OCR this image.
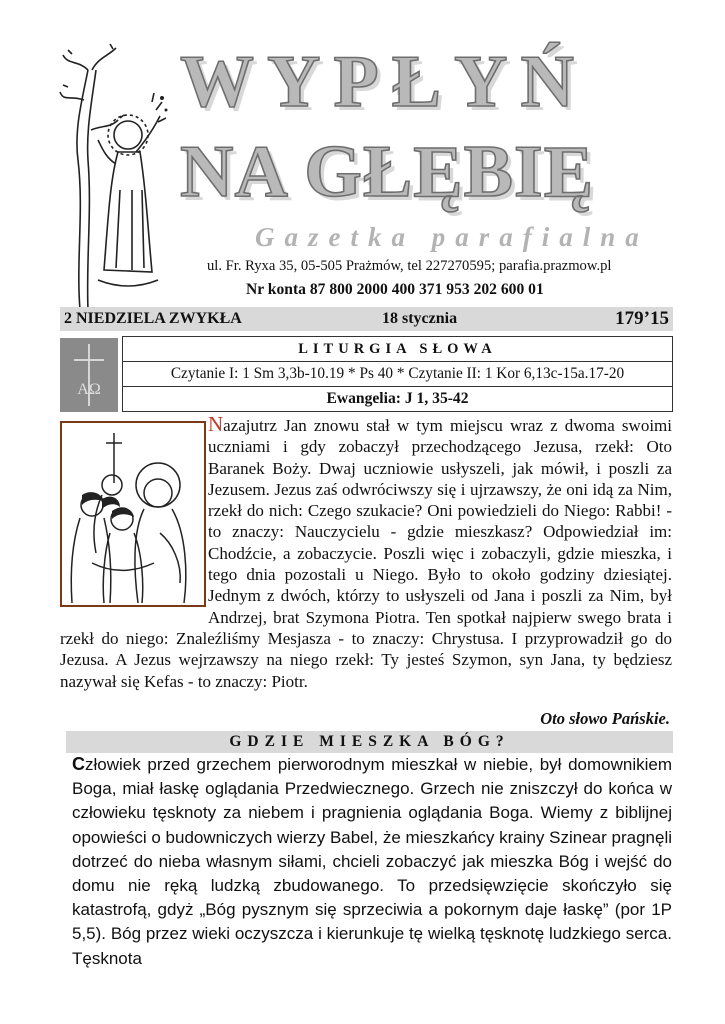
WYPŁYŃ
NA GŁĘBIĘ
Gazetka parafialna
ul. Fr. Ryxa 35, 05-505 Prażmów, tel 227270595; parafia.prazmow.pl
Nr konta 87 800 2000 400 371 953 202 600 01
2 NIEDZIELA ZWYKŁA	18 stycznia	179’15
AΩ
LITURGIA SŁOWA
Czytanie I: 1 Sm 3,3b-10.19 * Ps 40 * Czytanie II: 1 Kor 6,13c-15a.17-20
Ewangelia: J 1, 35-42

Nazajutrz Jan znowu stał w tym miejscu wraz z dwoma swoimi uczniami i gdy zobaczył przechodzącego Jezusa, rzekł: Oto Baranek Boży. Dwaj uczniowie usłyszeli, jak mówił, i poszli za Jezusem. Jezus zaś odwróciwszy się i ujrzawszy, że oni idą za Nim, rzekł do nich: Czego szukacie? Oni powiedzieli do Niego: Rabbi! - to znaczy: Nauczycielu - gdzie mieszkasz? Odpowiedział im: Chodźcie, a zobaczycie. Poszli więc i zobaczyli, gdzie mieszka, i tego dnia pozostali u Niego. Było to około godziny dziesiątej. Jednym z dwóch, którzy to usłyszeli od Jana i poszli za Nim, był Andrzej, brat Szymona Piotra. Ten spotkał najpierw swego brata i rzekł do niego: Znaleźliśmy Mesjasza - to znaczy: Chrystusa. I przyprowadził go do Jezusa. A Jezus wejrzawszy na niego rzekł: Ty jesteś Szymon, syn Jana, ty będziesz nazywał się Kefas - to znaczy: Piotr.

Oto słowo Pańskie.
GDZIE MIESZKA BÓG?

Człowiek przed grzechem pierworodnym mieszkał w niebie, był domownikiem Boga, miał łaskę oglądania Przedwiecznego. Grzech nie zniszczył do końca w człowieku tęsknoty za niebem i pragnienia oglądania Boga. Wiemy z biblijnej opowieści o budowniczych wierzy Babel, że mieszkańcy krainy Szinear pragnęli dotrzeć do nieba własnym siłami, chcieli zobaczyć jak mieszka Bóg i wejść do domu nie ręką ludzką zbudowanego. To przedsięwzięcie skończyło się katastrofą, gdyż „Bóg pysznym się sprzeciwia a pokornym daje łaskę” (por 1P 5,5). Bóg przez wieki oczyszcza i kierunkuje tę wielką tęsknotę ludzkiego serca. Tęsknota
